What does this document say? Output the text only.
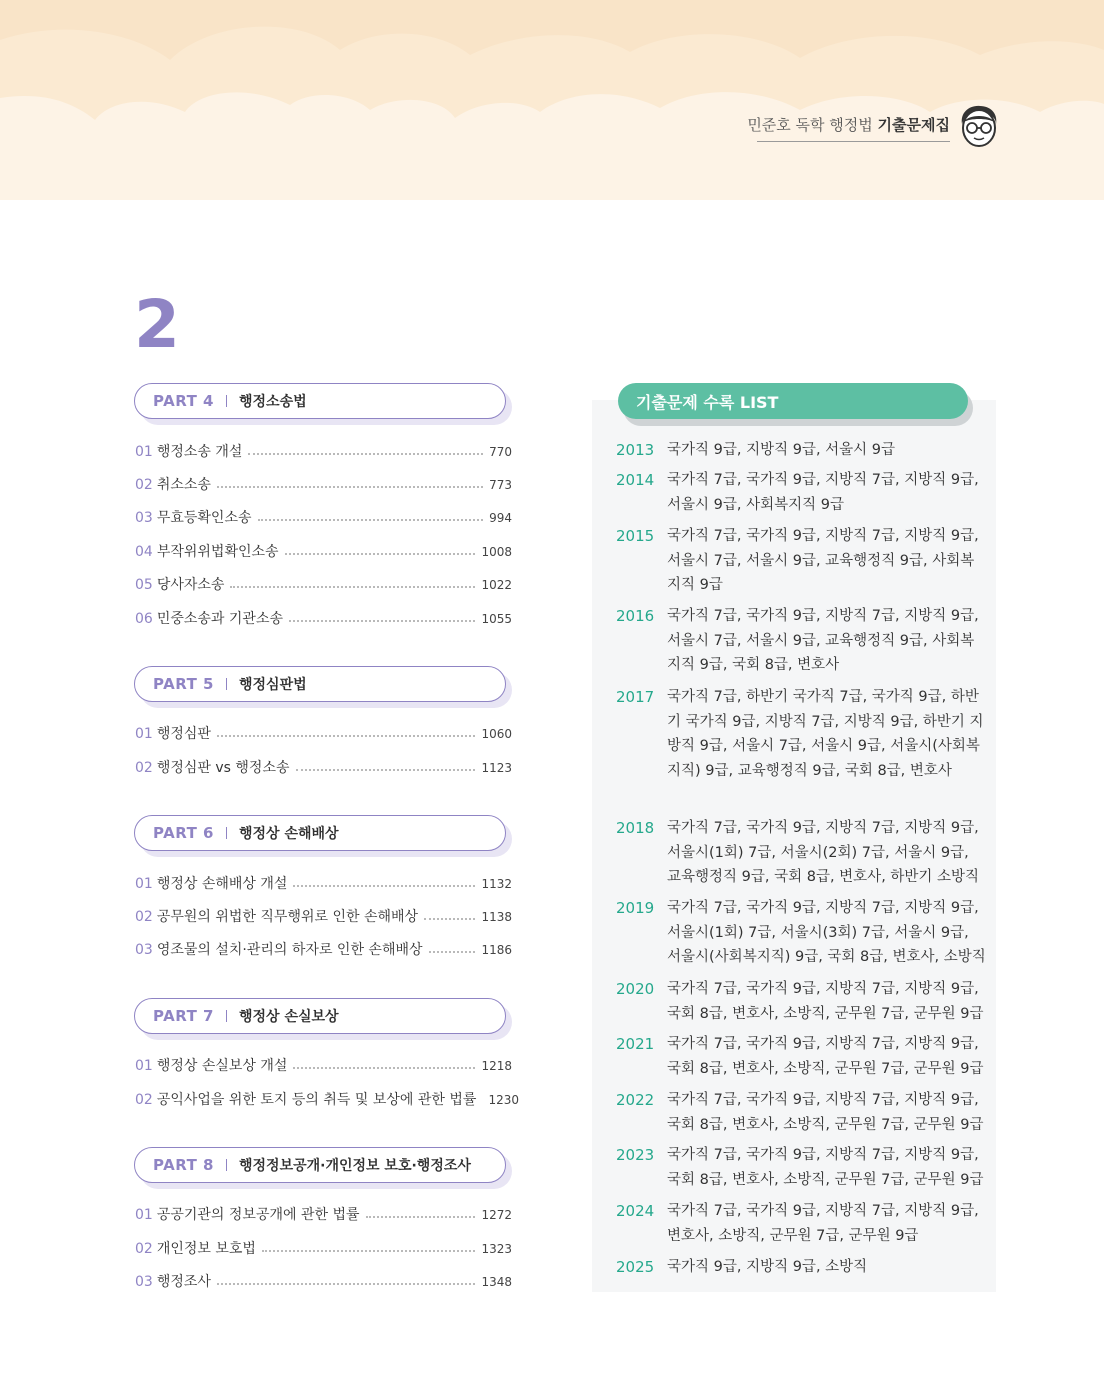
민준호 독학 행정법 기출문제집
2
PART 4 행정소송법
01 행정소송 개설	770
02 취소소송	773
03 무효등확인소송	994
04 부작위위법확인소송	1008
05 당사자소송	1022
06 민중소송과 기관소송	1055
PART 5 행정심판법
01 행정심판	1060
02 행정심판 vs 행정소송	1123
PART 6 행정상 손해배상
01 행정상 손해배상 개설	1132
02 공무원의 위법한 직무행위로 인한 손해배상	1138
03 영조물의 설치·관리의 하자로 인한 손해배상	1186
PART 7 행정상 손실보상
01 행정상 손실보상 개설	1218
02 공익사업을 위한 토지 등의 취득 및 보상에 관한 법률 1230
PART 8 행정정보공개·개인정보 보호·행정조사
01 공공기관의 정보공개에 관한 법률	1272
02 개인정보 보호법	1323
03 행정조사	1348
기출문제 수록 LIST
2013 국가직 9급, 지방직 9급, 서울시 9급
2014 국가직 7급, 국가직 9급, 지방직 7급, 지방직 9급, 서울시 9급, 사회복지직 9급
2015 국가직 7급, 국가직 9급, 지방직 7급, 지방직 9급, 서울시 7급, 서울시 9급, 교육행정직 9급, 사회복지직 9급
2016 국가직 7급, 국가직 9급, 지방직 7급, 지방직 9급, 서울시 7급, 서울시 9급, 교육행정직 9급, 사회복지직 9급, 국회 8급, 변호사
2017 국가직 7급, 하반기 국가직 7급, 국가직 9급, 하반기 국가직 9급, 지방직 7급, 지방직 9급, 하반기 지방직 9급, 서울시 7급, 서울시 9급, 서울시(사회복지직) 9급, 교육행정직 9급, 국회 8급, 변호사
2018 국가직 7급, 국가직 9급, 지방직 7급, 지방직 9급, 서울시(1회) 7급, 서울시(2회) 7급, 서울시 9급, 교육행정직 9급, 국회 8급, 변호사, 하반기 소방직
2019 국가직 7급, 국가직 9급, 지방직 7급, 지방직 9급, 서울시(1회) 7급, 서울시(3회) 7급, 서울시 9급, 서울시(사회복지직) 9급, 국회 8급, 변호사, 소방직
2020 국가직 7급, 국가직 9급, 지방직 7급, 지방직 9급, 국회 8급, 변호사, 소방직, 군무원 7급, 군무원 9급
2021 국가직 7급, 국가직 9급, 지방직 7급, 지방직 9급, 국회 8급, 변호사, 소방직, 군무원 7급, 군무원 9급
2022 국가직 7급, 국가직 9급, 지방직 7급, 지방직 9급, 국회 8급, 변호사, 소방직, 군무원 7급, 군무원 9급
2023 국가직 7급, 국가직 9급, 지방직 7급, 지방직 9급, 국회 8급, 변호사, 소방직, 군무원 7급, 군무원 9급
2024 국가직 7급, 국가직 9급, 지방직 7급, 지방직 9급, 변호사, 소방직, 군무원 7급, 군무원 9급
2025 국가직 9급, 지방직 9급, 소방직
